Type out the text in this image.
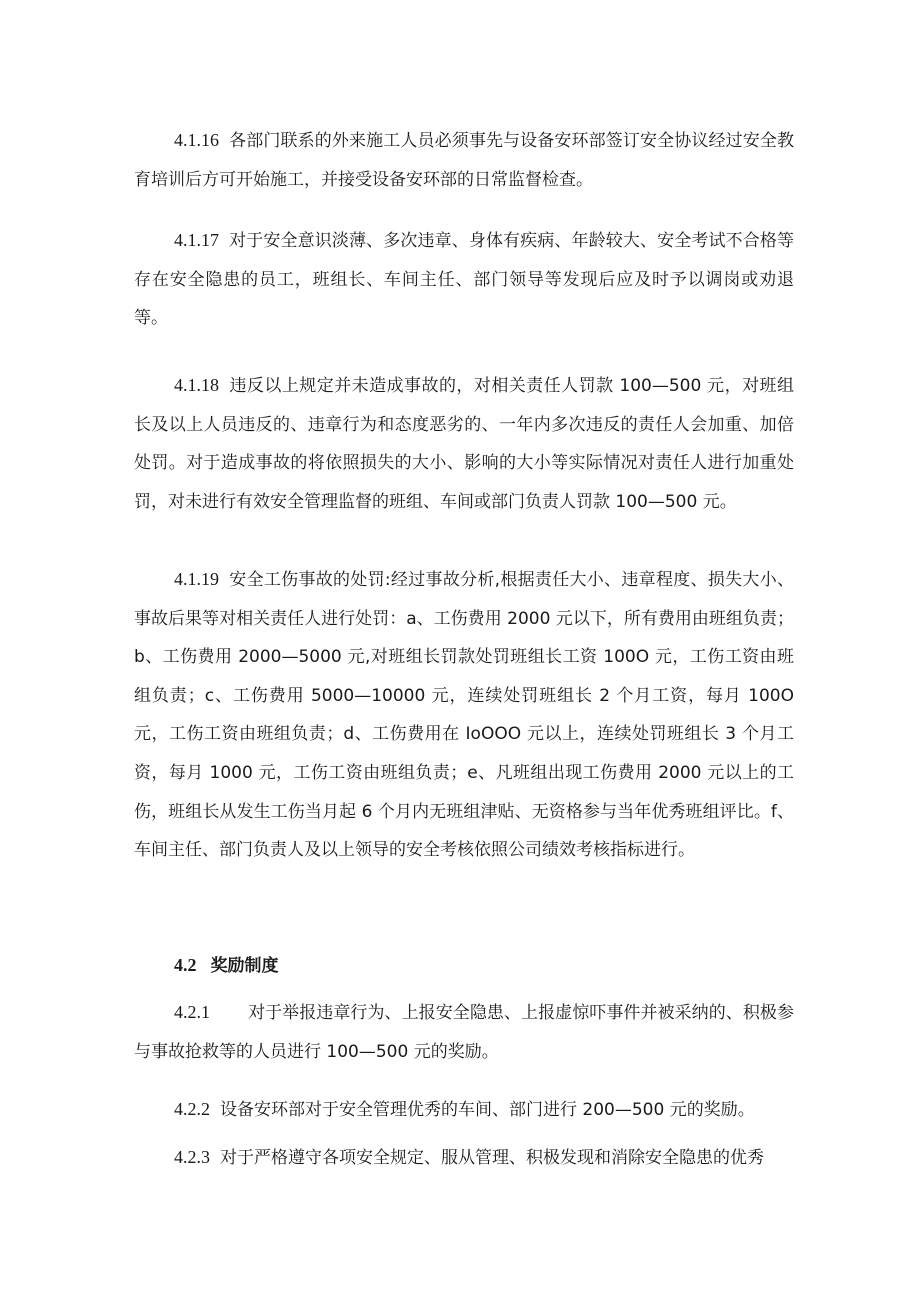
4.1.16 各部门联系的外来施工人员必须事先与设备安环部签订安全协议经过安全教育培训后方可开始施工，并接受设备安环部的日常监督检查。

4.1.17 对于安全意识淡薄、多次违章、身体有疾病、年龄较大、安全考试不合格等存在安全隐患的员工，班组长、车间主任、部门领导等发现后应及时予以调岗或劝退等。

4.1.18 违反以上规定并未造成事故的，对相关责任人罚款 100—500 元，对班组长及以上人员违反的、违章行为和态度恶劣的、一年内多次违反的责任人会加重、加倍处罚。对于造成事故的将依照损失的大小、影响的大小等实际情况对责任人进行加重处罚，对未进行有效安全管理监督的班组、车间或部门负责人罚款 100—500 元。

4.1.19 安全工伤事故的处罚:经过事故分析,根据责任大小、违章程度、损失大小、事故后果等对相关责任人进行处罚：a、工伤费用 2000 元以下，所有费用由班组负责；b、工伤费用 2000—5000 元,对班组长罚款处罚班组长工资 100O 元，工伤工资由班组负责；c、工伤费用 5000—10000 元，连续处罚班组长 2 个月工资，每月 100O 元，工伤工资由班组负责；d、工伤费用在 IoOOO 元以上，连续处罚班组长 3 个月工资，每月 1000 元，工伤工资由班组负责；e、凡班组出现工伤费用 2000 元以上的工伤，班组长从发生工伤当月起 6 个月内无班组津贴、无资格参与当年优秀班组评比。f、车间主任、部门负责人及以上领导的安全考核依照公司绩效考核指标进行。

4.2 奖励制度

4.2.1 对于举报违章行为、上报安全隐患、上报虚惊吓事件并被采纳的、积极参与事故抢救等的人员进行 100—500 元的奖励。

4.2.2 设备安环部对于安全管理优秀的车间、部门进行 200—500 元的奖励。

4.2.3 对于严格遵守各项安全规定、服从管理、积极发现和消除安全隐患的优秀
